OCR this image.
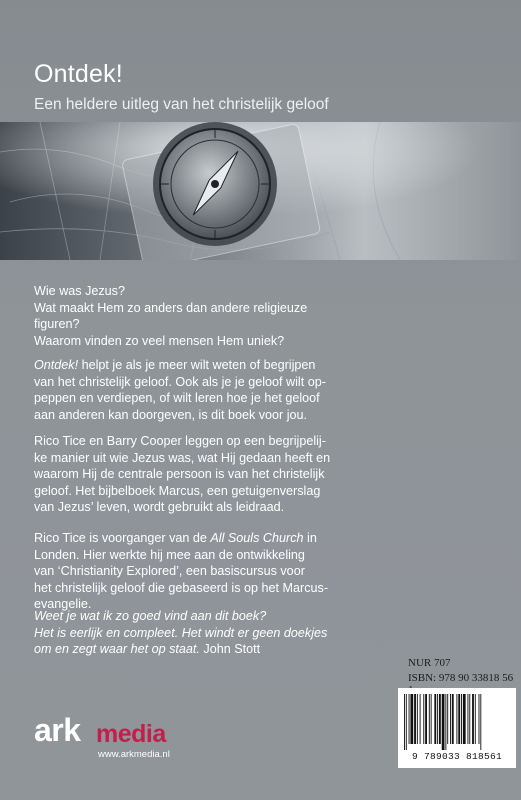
Ontdek!
Een heldere uitleg van het christelijk geloof

Wie was Jezus?

Wat maakt Hem zo anders dan andere religieuze

figuren?

Waarom vinden zo veel mensen Hem uniek?

Ontdek! helpt je als je meer wilt weten of begrijpen

van het christelijk geloof. Ook als je je geloof wilt op-

peppen en verdiepen, of wilt leren hoe je het geloof

aan anderen kan doorgeven, is dit boek voor jou.

Rico Tice en Barry Cooper leggen op een begrijpelij-

ke manier uit wie Jezus was, wat Hij gedaan heeft en

waarom Hij de centrale persoon is van het christelijk

geloof. Het bijbelboek Marcus, een getuigenverslag

van Jezus’ leven, wordt gebruikt als leidraad.

Rico Tice is voorganger van de All Souls Church in

Londen. Hier werkte hij mee aan de ontwikkeling

van ‘Christianity Explored’, een basiscursus voor

het christelijk geloof die gebaseerd is op het Marcus-

evangelie.

Weet je wat ik zo goed vind aan dit boek?

Het is eerlijk en compleet. Het windt er geen doekjes

om en zegt waar het op staat. John Stott

NUR 707
ISBN: 978 90 33818 56
9 789033 818561
ark media
www.arkmedia.nl
